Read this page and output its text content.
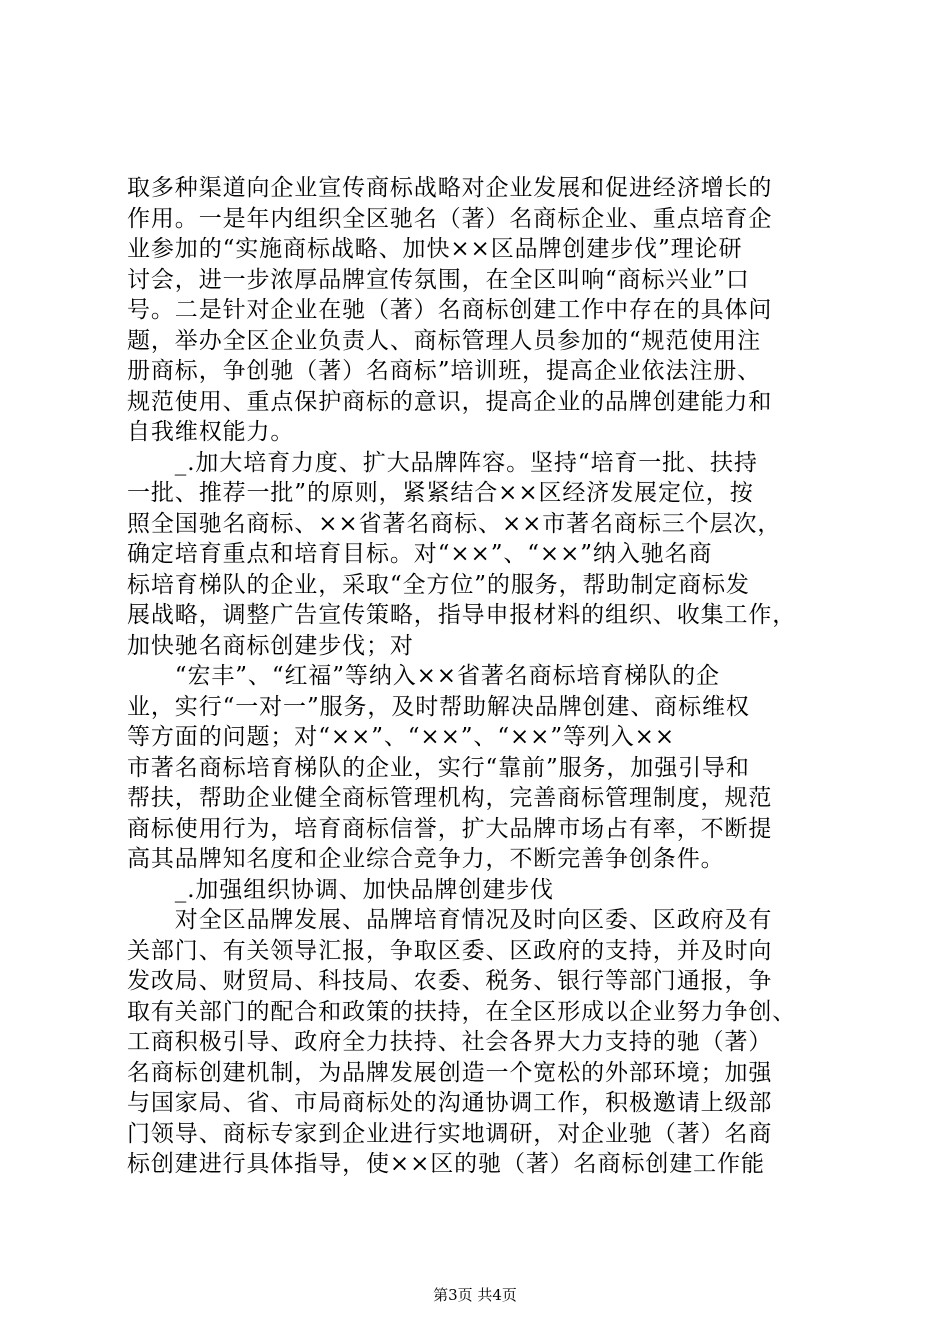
取多种渠道向企业宣传商标战略对企业发展和促进经济增长的
作用。一是年内组织全区驰名（著）名商标企业、重点培育企
业参加的“实施商标战略、加快××区品牌创建步伐”理论研
讨会，进一步浓厚品牌宣传氛围，在全区叫响“商标兴业”口
号。二是针对企业在驰（著）名商标创建工作中存在的具体问
题，举办全区企业负责人、商标管理人员参加的“规范使用注
册商标，争创驰（著）名商标”培训班，提高企业依法注册、
规范使用、重点保护商标的意识，提高企业的品牌创建能力和
自我维权能力。
　　_.加大培育力度、扩大品牌阵容。坚持“培育一批、扶持
一批、推荐一批”的原则，紧紧结合××区经济发展定位，按
照全国驰名商标、××省著名商标、××市著名商标三个层次，
确定培育重点和培育目标。对“××”、“××”纳入驰名商
标培育梯队的企业，采取“全方位”的服务，帮助制定商标发
展战略，调整广告宣传策略，指导申报材料的组织、收集工作，
加快驰名商标创建步伐；对
　　“宏丰”、“红福”等纳入××省著名商标培育梯队的企
业，实行“一对一”服务，及时帮助解决品牌创建、商标维权
等方面的问题；对“××”、“××”、“××”等列入××
市著名商标培育梯队的企业，实行“靠前”服务，加强引导和
帮扶，帮助企业健全商标管理机构，完善商标管理制度，规范
商标使用行为，培育商标信誉，扩大品牌市场占有率，不断提
高其品牌知名度和企业综合竞争力，不断完善争创条件。
　　_.加强组织协调、加快品牌创建步伐
　　对全区品牌发展、品牌培育情况及时向区委、区政府及有
关部门、有关领导汇报，争取区委、区政府的支持，并及时向
发改局、财贸局、科技局、农委、税务、银行等部门通报，争
取有关部门的配合和政策的扶持，在全区形成以企业努力争创、
工商积极引导、政府全力扶持、社会各界大力支持的驰（著）
名商标创建机制，为品牌发展创造一个宽松的外部环境；加强
与国家局、省、市局商标处的沟通协调工作，积极邀请上级部
门领导、商标专家到企业进行实地调研，对企业驰（著）名商
标创建进行具体指导，使××区的驰（著）名商标创建工作能
第3页 共4页
